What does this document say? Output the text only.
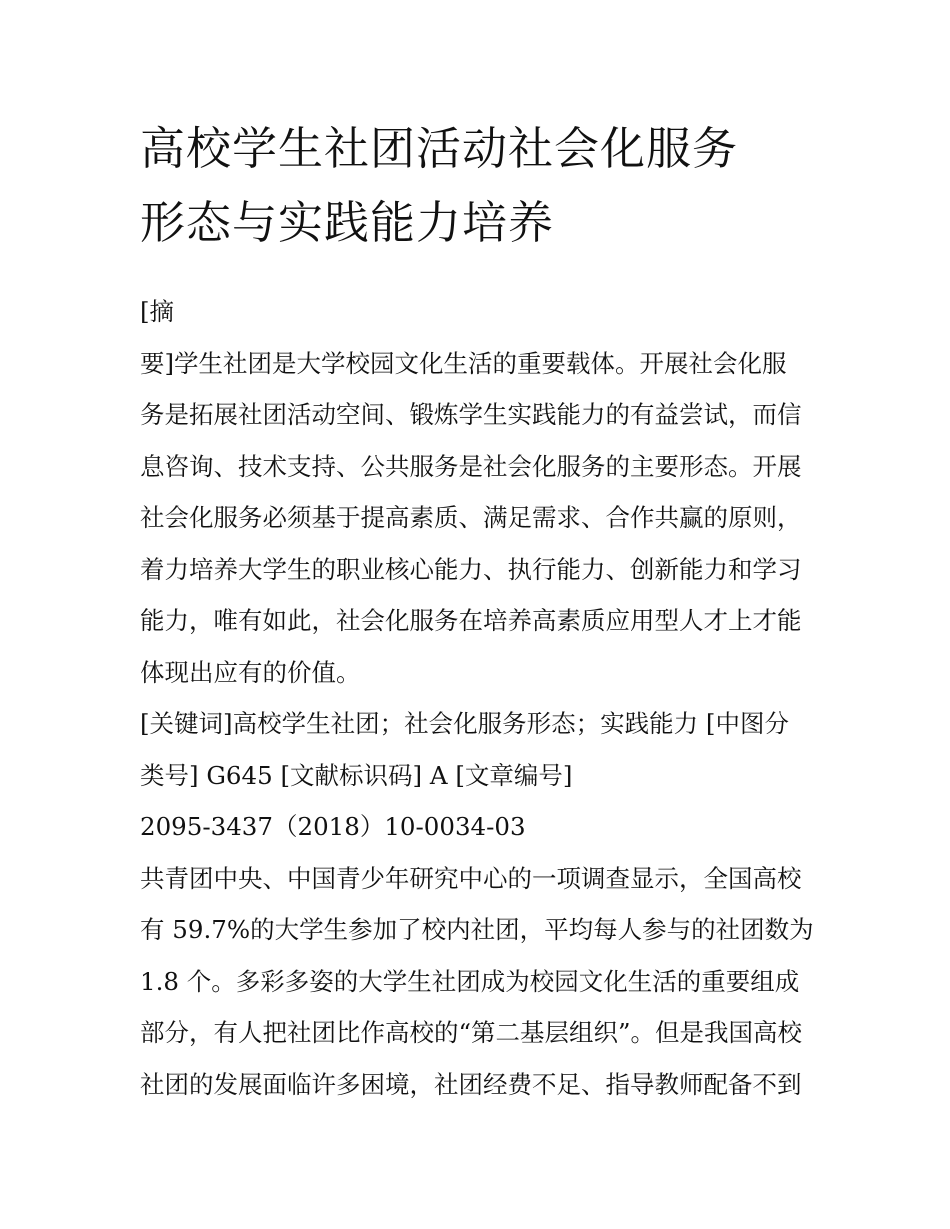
高校学生社团活动社会化服务
形态与实践能力培养
[摘
要]学生社团是大学校园文化生活的重要载体。开展社会化服
务是拓展社团活动空间、锻炼学生实践能力的有益尝试，而信
息咨询、技术支持、公共服务是社会化服务的主要形态。开展
社会化服务必须基于提高素质、满足需求、合作共赢的原则，
着力培养大学生的职业核心能力、执行能力、创新能力和学习
能力，唯有如此，社会化服务在培养高素质应用型人才上才能
体现出应有的价值。
[关键词]高校学生社团；社会化服务形态；实践能力 [中图分
类号] G645 [文献标识码] A [文章编号]
2095-3437（2018）10-0034-03
共青团中央、中国青少年研究中心的一项调查显示，全国高校
有 59.7%的大学生参加了校内社团，平均每人参与的社团数为
1.8 个。多彩多姿的大学生社团成为校园文化生活的重要组成
部分，有人把社团比作高校的“第二基层组织”。但是我国高校
社团的发展面临许多困境，社团经费不足、指导教师配备不到
